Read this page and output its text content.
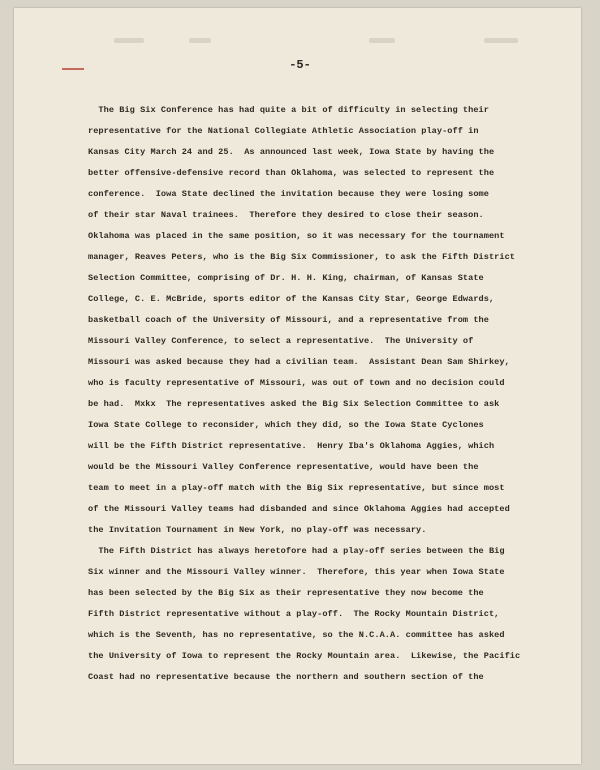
-5-
The Big Six Conference has had quite a bit of difficulty in selecting their
representative for the National Collegiate Athletic Association play-off in
Kansas City March 24 and 25.  As announced last week, Iowa State by having the
better offensive-defensive record than Oklahoma, was selected to represent the
conference.  Iowa State declined the invitation because they were losing some
of their star Naval trainees.  Therefore they desired to close their season.
Oklahoma was placed in the same position, so it was necessary for the tournament
manager, Reaves Peters, who is the Big Six Commissioner, to ask the Fifth District
Selection Committee, comprising of Dr. H. H. King, chairman, of Kansas State
College, C. E. McBride, sports editor of the Kansas City Star, George Edwards,
basketball coach of the University of Missouri, and a representative from the
Missouri Valley Conference, to select a representative.  The University of
Missouri was asked because they had a civilian team.  Assistant Dean Sam Shirkey,
who is faculty representative of Missouri, was out of town and no decision could
be had.  Mxkx  The representatives asked the Big Six Selection Committee to ask
Iowa State College to reconsider, which they did, so the Iowa State Cyclones
will be the Fifth District representative.  Henry Iba's Oklahoma Aggies, which
would be the Missouri Valley Conference representative, would have been the
team to meet in a play-off match with the Big Six representative, but since most
of the Missouri Valley teams had disbanded and since Oklahoma Aggies had accepted
the Invitation Tournament in New York, no play-off was necessary.
The Fifth District has always heretofore had a play-off series between the Big
Six winner and the Missouri Valley winner.  Therefore, this year when Iowa State
has been selected by the Big Six as their representative they now become the
Fifth District representative without a play-off.  The Rocky Mountain District,
which is the Seventh, has no representative, so the N.C.A.A. committee has asked
the University of Iowa to represent the Rocky Mountain area.  Likewise, the Pacific
Coast had no representative because the northern and southern section of the
